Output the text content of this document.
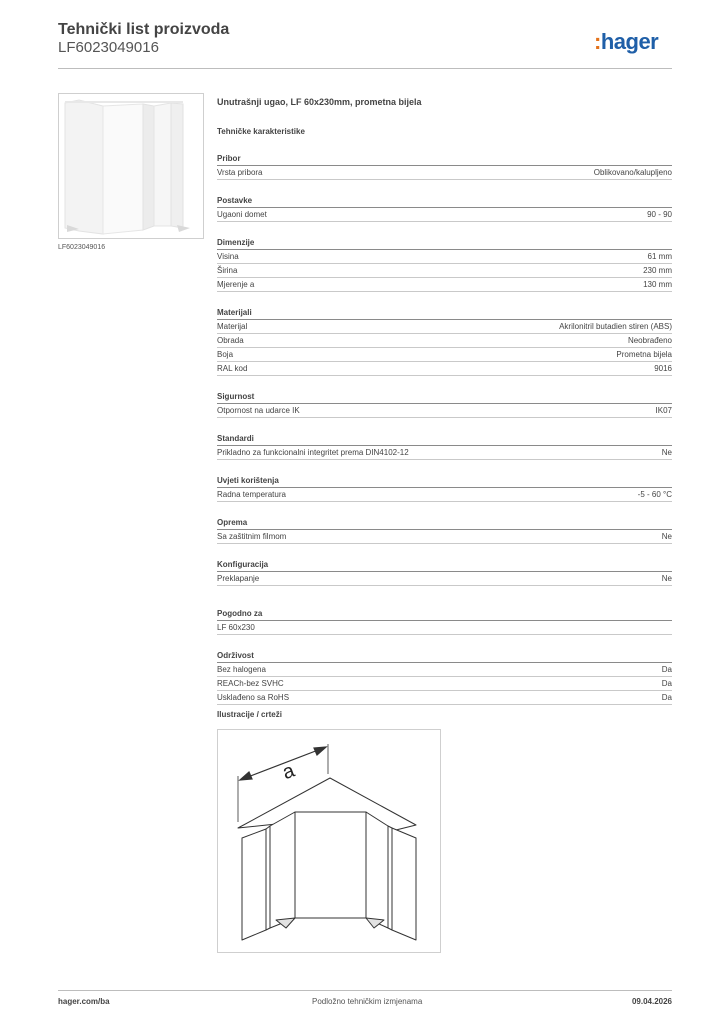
Tehnički list proizvoda
LF6023049016	:hager
LF6023049016
Unutrašnji ugao, LF 60x230mm, prometna bijela
Tehničke karakteristike
Pribor
Vrsta pribora	Oblikovano/kalupljeno
Postavke
Ugaoni domet	90 - 90
Dimenzije
Visina	61 mm
Širina	230 mm
Mjerenje a	130 mm
Materijali
Materijal	Akrilonitril butadien stiren (ABS)
Obrada	Neobrađeno
Boja	Prometna bijela
RAL kod	9016
Sigurnost
Otpornost na udarce IK	IK07
Standardi
Prikladno za funkcionalni integritet prema DIN4102-12	Ne
Uvjeti korištenja
Radna temperatura	-5 - 60 °C
Oprema
Sa zaštitnim filmom	Ne
Konfiguracija
Preklapanje	Ne
Pogodno za
LF 60x230
Održivost
Bez halogena	Da
REACh-bez SVHC	Da
Usklađeno sa RoHS	Da
Ilustracije / crteži
a
hager.com/ba	Podložno tehničkim izmjenama	09.04.2026
